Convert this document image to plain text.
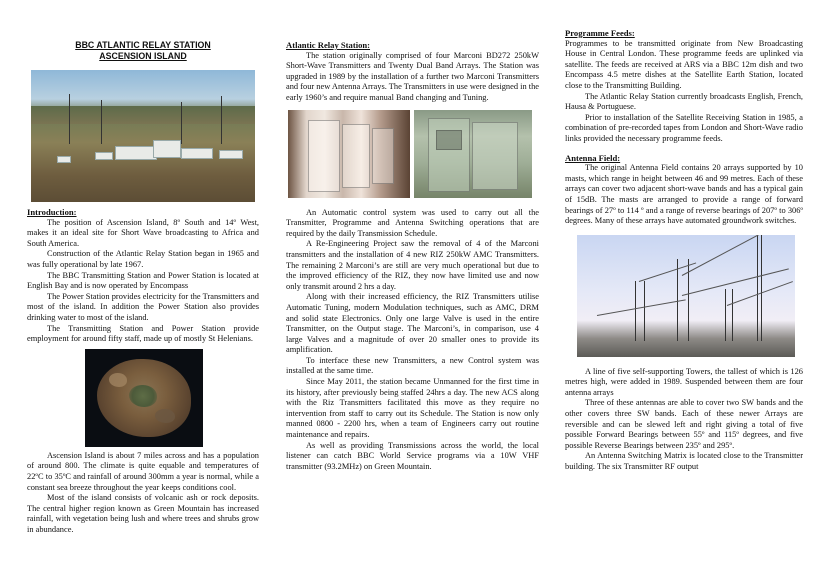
BBC ATLANTIC RELAY STATION
ASCENSION ISLAND
Introduction:

The position of Ascension Island, 8º South and 14º West, makes it an ideal site for Short Wave broadcasting to Africa and South America.

Construction of the Atlantic Relay Station began in 1965 and was fully operational by late 1967.

The BBC Transmitting Station and Power Station is located at English Bay and is now operated by Encompass

The Power Station provides electricity for the Transmitters and most of the island. In addition the Power Station also provides drinking water to most of the island.

The Transmitting Station and Power Station provide employment for around fifty staff, made up of mostly St Helenians.

Ascension Island is about 7 miles across and has a population of around 800. The climate is quite equable and temperatures of 22ºC to 35ºC and rainfall of around 300mm a year is normal, while a constant sea breeze throughout the year keeps conditions cool.

Most of the island consists of volcanic ash or rock deposits. The central higher region known as Green Mountain has increased rainfall, with vegetation being lush and where trees and shrubs grow in abundance.

Atlantic Relay Station:

The station originally comprised of four Marconi BD272 250kW Short-Wave Transmitters and Twenty Dual Band Arrays. The Station was upgraded in 1989 by the installation of a further two Marconi Transmitters and four new Antenna Arrays. The Transmitters in use were designed in the early 1960’s and require manual Band changing and Tuning.

An Automatic control system was used to carry out all the Transmitter, Programme and Antenna Switching operations that are required by the daily Transmission Schedule.

A Re-Engineering Project saw the removal of 4 of the Marconi transmitters and the installation of 4 new RIZ 250kW AMC Transmitters. The remaining 2 Marconi’s are still are very much operational but due to the improved efficiency of the RIZ, they now have limited use and now only transmit around 2 hrs a day.

Along with their increased efficiency, the RIZ Transmitters utilise Automatic Tuning, modern Modulation techniques, such as AMC, DRM and solid state Electronics. Only one large Valve is used in the entire Transmitter, on the Output stage. The Marconi’s, in comparison, use 4 large Valves and a magnitude of over 20 smaller ones to provide its amplification.

To interface these new Transmitters, a new Control system was installed at the same time.

Since May 2011, the station became Unmanned for the first time in its history, after previously being staffed 24hrs a day. The new ACS along with the Riz Transmitters facilitated this move as they require no intervention from staff to carry out its Schedule. The Station is now only manned 0800 - 2200 hrs, when a team of Engineers carry out routine maintenance and repairs.

As well as providing Transmissions across the world, the local listener can catch BBC World Service programs via a 10W VHF transmitter (93.2MHz) on Green Mountain.

Programme Feeds:

Programmes to be transmitted originate from New Broadcasting House in Central London. These programme feeds are uplinked via satellite. The feeds are received at ARS via a BBC 12m dish and two Encompass 4.5 metre dishes at the Satellite Earth Station, located close to the Transmitting Building.

The Atlantic Relay Station currently broadcasts English, French, Hausa & Portuguese.

Prior to installation of the Satellite Receiving Station in 1985, a combination of pre-recorded tapes from London and Short-Wave radio links provided the necessary programme feeds.

Antenna Field:

The original Antenna Field contains 20 arrays supported by 10 masts, which range in height between 46 and 99 metres. Each of these arrays can cover two adjacent short-wave bands and has a typical gain of 15dB. The masts are arranged to provide a range of forward bearings of 27º to 114 º and a range of reverse bearings of 207º to 306º degrees. Many of these arrays have automated groundwork switches.

A line of five self-supporting Towers, the tallest of which is 126 metres high, were added in 1989. Suspended between them are four antenna arrays

Three of these antennas are able to cover two SW bands and the other covers three SW bands. Each of these newer Arrays are reversible and can be slewed left and right giving a total of five possible Forward Bearings between 55º and 115º degrees, and five possible Reverse Bearings between 235º and 295º.

An Antenna Switching Matrix is located close to the Transmitter building. The six Transmitter RF output
